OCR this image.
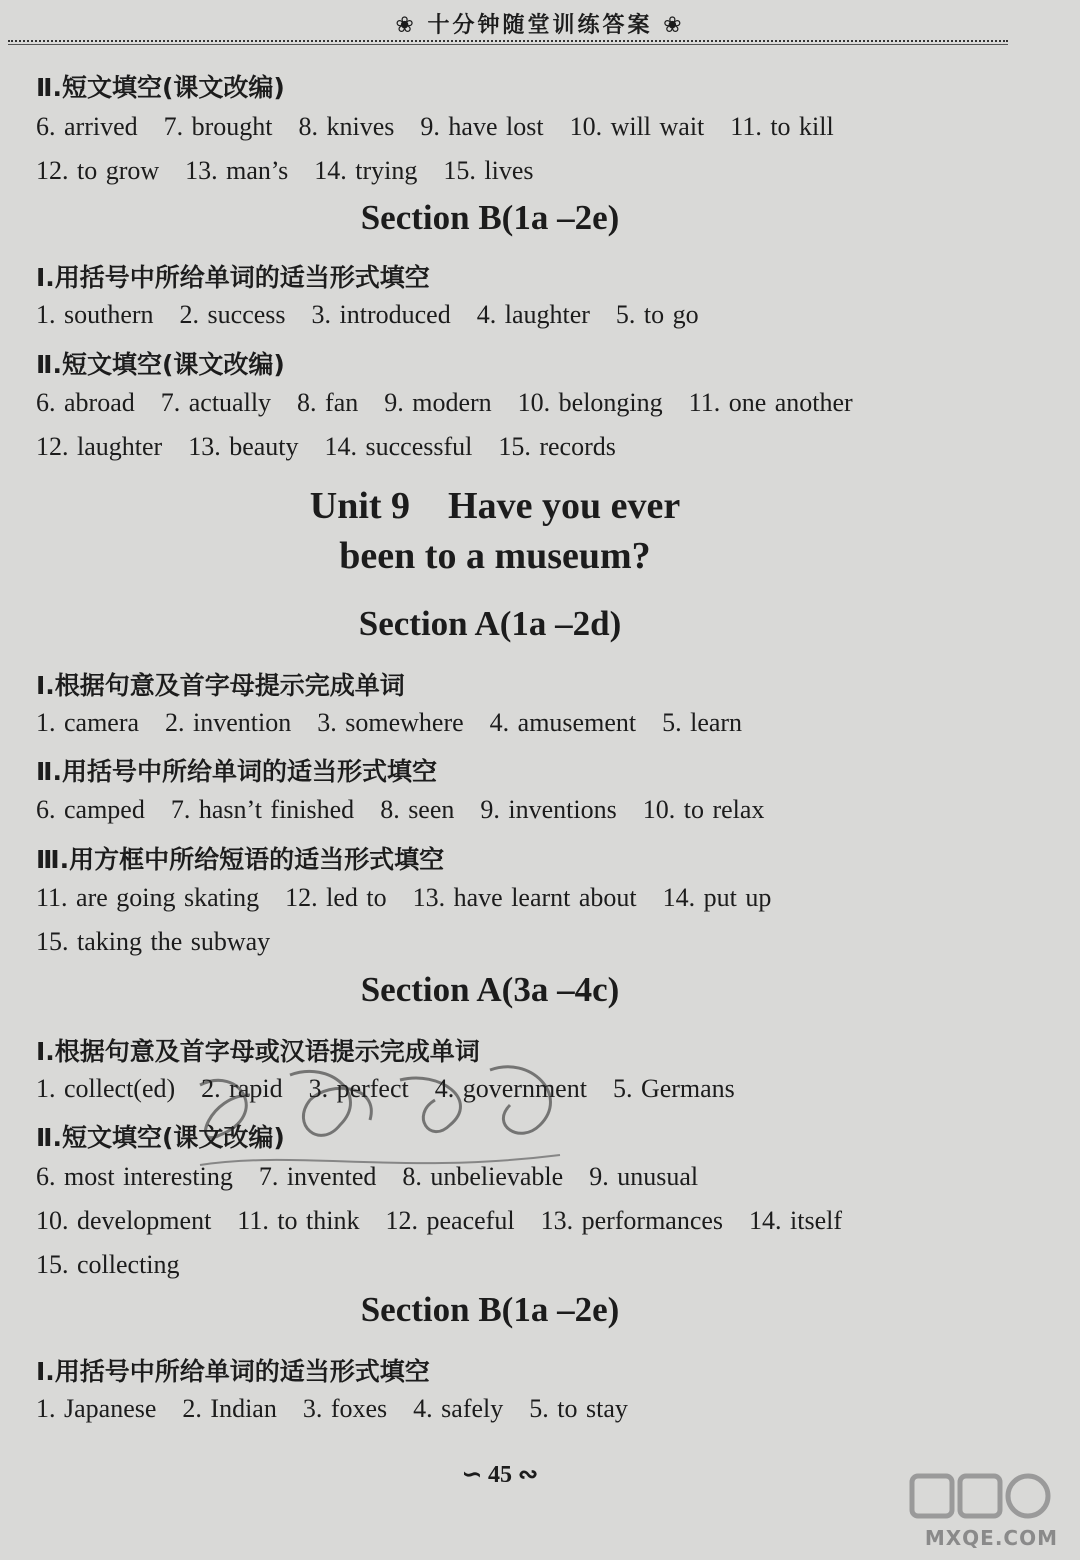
❀ 十分钟随堂训练答案 ❀
Ⅱ.短文填空(课文改编)
6. arrived 7. brought 8. knives 9. have lost 10. will wait 11. to kill
12. to grow 13. man’s 14. trying 15. lives
Section B(1a –2e)
Ⅰ.用括号中所给单词的适当形式填空
1. southern 2. success 3. introduced 4. laughter 5. to go
Ⅱ.短文填空(课文改编)
6. abroad 7. actually 8. fan 9. modern 10. belonging 11. one another
12. laughter 13. beauty 14. successful 15. records
Unit 9　Have you ever
been to a museum?
Section A(1a –2d)
Ⅰ.根据句意及首字母提示完成单词
1. camera 2. invention 3. somewhere 4. amusement 5. learn
Ⅱ.用括号中所给单词的适当形式填空
6. camped 7. hasn’t finished 8. seen 9. inventions 10. to relax
Ⅲ.用方框中所给短语的适当形式填空
11. are going skating 12. led to 13. have learnt about 14. put up
15. taking the subway
Section A(3a –4c)
Ⅰ.根据句意及首字母或汉语提示完成单词
1. collect(ed) 2. rapid 3. perfect 4. government 5. Germans
Ⅱ.短文填空(课文改编)
6. most interesting 7. invented 8. unbelievable 9. unusual
10. development 11. to think 12. peaceful 13. performances 14. itself
15. collecting
Section B(1a –2e)
Ⅰ.用括号中所给单词的适当形式填空
1. Japanese 2. Indian 3. foxes 4. safely 5. to stay
∽ 45 ∾
MXQE.COM
